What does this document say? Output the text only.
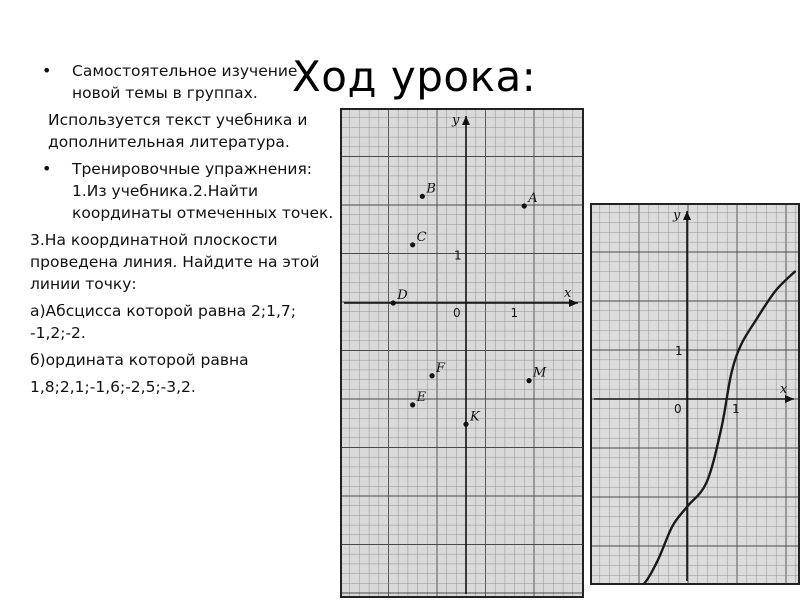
Ход урока:
• Самостоятельное изучение новой темы в группах.
Используется текст учебника и дополнительная литература.
• Тренировочные упражнения: 1.Из учебника.2.Найти координаты отмеченных точек.
3.На координатной плоскости проведена линия. Найдите на этой линии точку:
а)Абсцисса которой равна 2;1,7; -1,2;-2.
б)ордината которой равна
1,8;2,1;-1,6;-2,5;-3,2.
x
y
0	1
1
A
B
C
D
F
E
M
K
x
y
0	1
1
